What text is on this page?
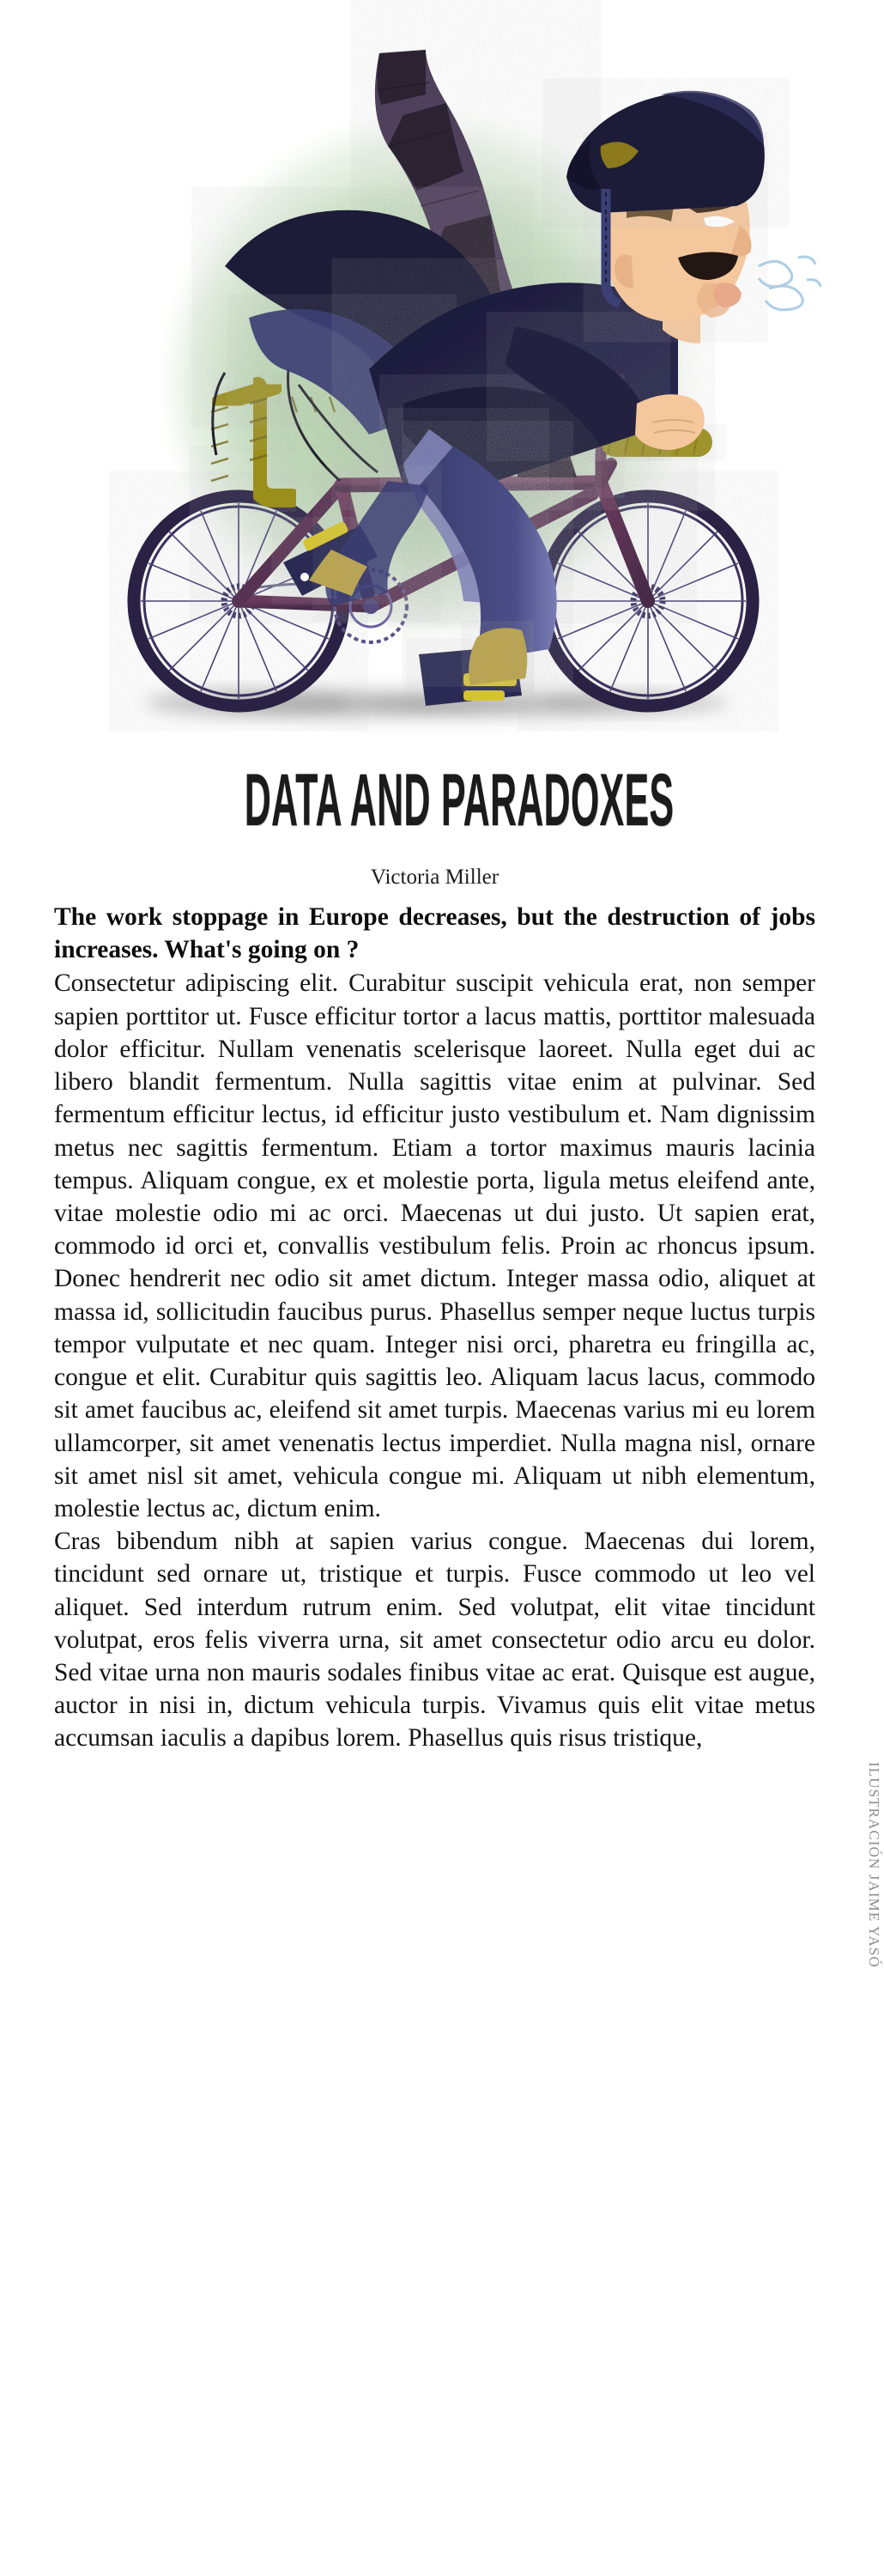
DATA AND PARADOXES
Victoria Miller

The work stoppage in Europe decreases, but the destruction of jobs increases. What's going on ?

Consectetur adipiscing elit. Curabitur suscipit vehicula erat, non semper sapien porttitor ut. Fusce efficitur tortor a lacus mattis, porttitor malesuada dolor efficitur. Nullam venenatis scelerisque laoreet. Nulla eget dui ac libero blandit fermentum. Nulla sagittis vitae enim at pulvinar. Sed fermentum efficitur lectus, id efficitur justo vestibulum et. Nam dignissim metus nec sagittis fermentum. Etiam a tortor maximus mauris lacinia tempus. Aliquam congue, ex et molestie porta, ligula metus eleifend ante, vitae molestie odio mi ac orci. Maecenas ut dui justo. Ut sapien erat, commodo id orci et, convallis vestibulum felis. Proin ac rhoncus ipsum. Donec hendrerit nec odio sit amet dictum. Integer massa odio, aliquet at massa id, sollicitudin faucibus purus. Phasellus semper neque luctus turpis tempor vulputate et nec quam. Integer nisi orci, pharetra eu fringilla ac, congue et elit. Curabitur quis sagittis leo. Aliquam lacus lacus, commodo sit amet faucibus ac, eleifend sit amet turpis. Maecenas varius mi eu lorem ullamcorper, sit amet venenatis lectus imperdiet. Nulla magna nisl, ornare sit amet nisl sit amet, vehicula congue mi. Aliquam ut nibh elementum, molestie lectus ac, dictum enim.

Cras bibendum nibh at sapien varius congue. Maecenas dui lorem, tincidunt sed ornare ut, tristique et turpis. Fusce commodo ut leo vel aliquet. Sed interdum rutrum enim. Sed volutpat, elit vitae tincidunt volutpat, eros felis viverra urna, sit amet consectetur odio arcu eu dolor. Sed vitae urna non mauris sodales finibus vitae ac erat. Quisque est augue, auctor in nisi in, dictum vehicula turpis. Vivamus quis elit vitae metus accumsan iaculis a dapibus lorem. Phasellus quis risus tristique,

ILUSTRACIÓN JAIME YASÓ
